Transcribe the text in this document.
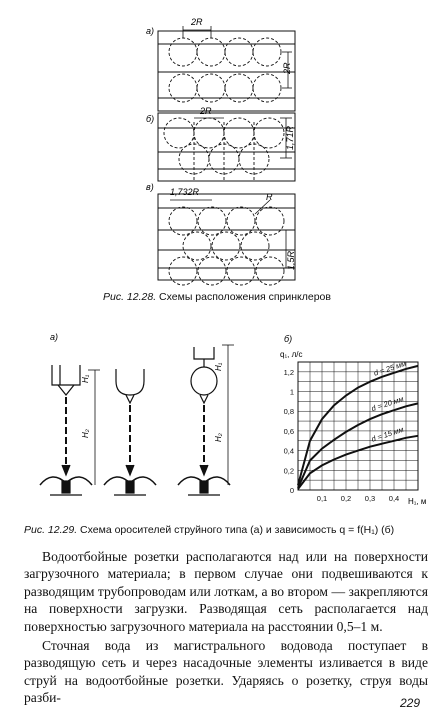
а)
2R
2R
б)
2R
1,71R
в) 1,732R	R
1,5R
Рис. 12.28. Схемы расположения спринклеров
а)
H₁
H₂
H₁
H₂
б)
q₁, л/с
0
0,2
0,4
0,6
0,8
1
1,2
0,1 0,2 0,3 0,4
d = 25 мм
d = 20 мм
d = 15 мм
H₁, м
Рис. 12.29. Схема оросителей струйного типа (а) и зависимость q = f(H₁) (б)

Водоотбойные розетки располагаются над или на поверхности загрузочного материала; в первом случае они подвешиваются к разводящим трубопроводам или лоткам, а во втором — закрепляются на поверхности загрузки. Разводящая сеть располагается над поверхностью загрузочного материала на расстоянии 0,5–1 м.

Сточная вода из магистрального водовода поступает в разводящую сеть и через насадочные элементы изливается в виде струй на водоотбойные розетки. Ударяясь о розетку, струя воды разби-	229
